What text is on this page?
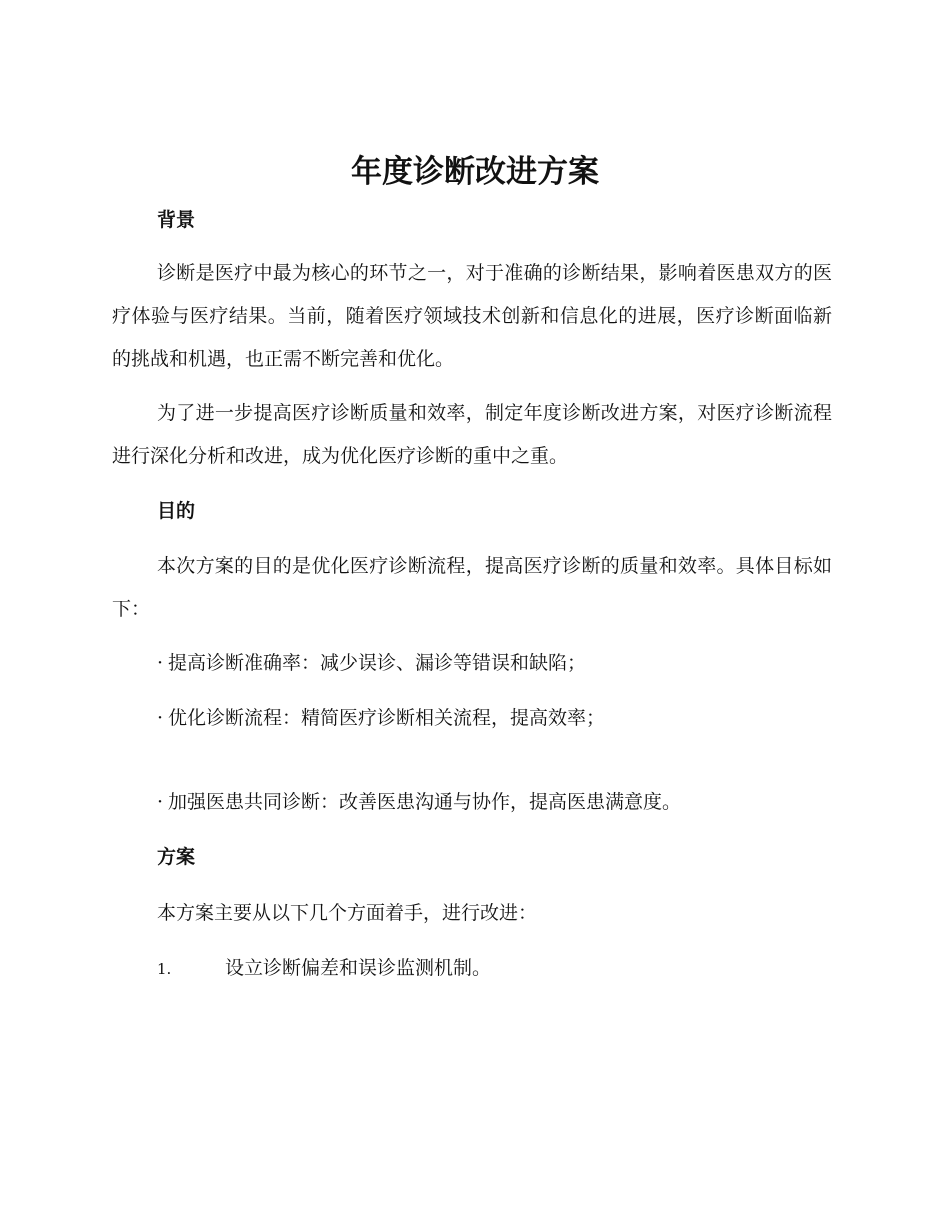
年度诊断改进方案
背景

诊断是医疗中最为核心的环节之一，对于准确的诊断结果，影响着医患双方的医疗体验与医疗结果。当前，随着医疗领域技术创新和信息化的进展，医疗诊断面临新的挑战和机遇，也正需不断完善和优化。

为了进一步提高医疗诊断质量和效率，制定年度诊断改进方案，对医疗诊断流程进行深化分析和改进，成为优化医疗诊断的重中之重。

目的

本次方案的目的是优化医疗诊断流程，提高医疗诊断的质量和效率。具体目标如下：

· 提高诊断准确率：减少误诊、漏诊等错误和缺陷；

· 优化诊断流程：精简医疗诊断相关流程，提高效率；

· 加强医患共同诊断：改善医患沟通与协作，提高医患满意度。

方案

本方案主要从以下几个方面着手，进行改进：

1.	设立诊断偏差和误诊监测机制。
